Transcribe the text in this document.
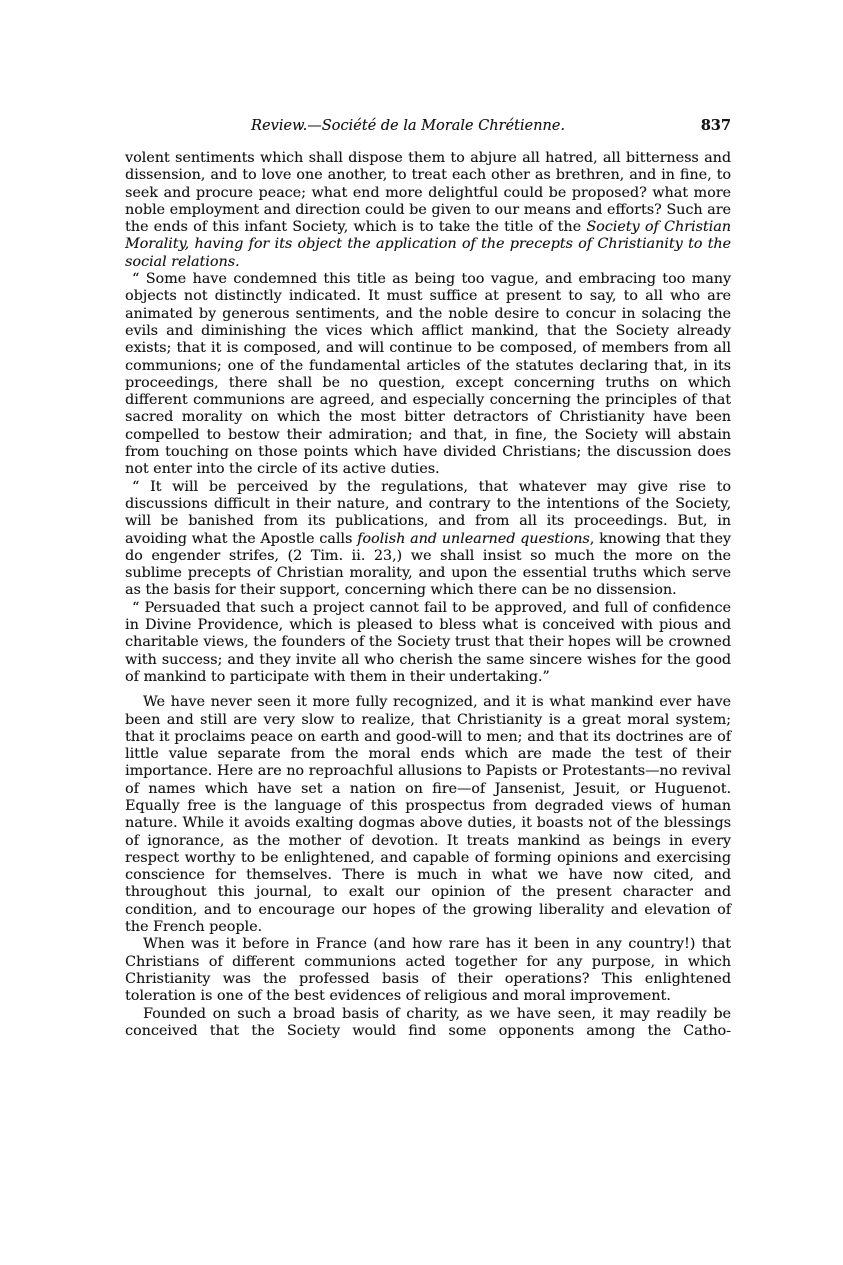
Review.—Société de la Morale Chrétienne.	837

volent sentiments which shall dispose them to abjure all hatred, all bitterness and dissension, and to love one another, to treat each other as brethren, and in fine, to seek and procure peace; what end more delightful could be proposed? what more noble employment and direction could be given to our means and efforts? Such are the ends of this infant Society, which is to take the title of the Society of Christian Morality, having for its object the application of the precepts of Christianity to the social relations.

“ Some have condemned this title as being too vague, and embracing too many objects not distinctly indicated. It must suffice at present to say, to all who are animated by generous sentiments, and the noble desire to concur in solacing the evils and diminishing the vices which afflict mankind, that the Society already exists; that it is composed, and will continue to be composed, of members from all communions; one of the fundamental articles of the statutes declaring that, in its proceedings, there shall be no question, except concerning truths on which different communions are agreed, and especially concerning the principles of that sacred morality on which the most bitter detractors of Christianity have been compelled to bestow their admiration; and that, in fine, the Society will abstain from touching on those points which have divided Christians; the discussion does not enter into the circle of its active duties.

“ It will be perceived by the regulations, that whatever may give rise to discussions difficult in their nature, and contrary to the intentions of the Society, will be banished from its publications, and from all its proceedings. But, in avoiding what the Apostle calls foolish and unlearned questions, knowing that they do engender strifes, (2 Tim. ii. 23,) we shall insist so much the more on the sublime precepts of Christian morality, and upon the essential truths which serve as the basis for their support, concerning which there can be no dissension.

“ Persuaded that such a project cannot fail to be approved, and full of confidence in Divine Providence, which is pleased to bless what is conceived with pious and charitable views, the founders of the Society trust that their hopes will be crowned with success; and they invite all who cherish the same sincere wishes for the good of mankind to participate with them in their undertaking.”

We have never seen it more fully recognized, and it is what mankind ever have been and still are very slow to realize, that Christianity is a great moral system; that it proclaims peace on earth and good-will to men; and that its doctrines are of little value separate from the moral ends which are made the test of their importance. Here are no reproachful allusions to Papists or Protestants—no revival of names which have set a nation on fire—of Jansenist, Jesuit, or Huguenot. Equally free is the language of this prospectus from degraded views of human nature. While it avoids exalting dogmas above duties, it boasts not of the blessings of ignorance, as the mother of devotion. It treats mankind as beings in every respect worthy to be enlightened, and capable of forming opinions and exercising conscience for themselves. There is much in what we have now cited, and throughout this journal, to exalt our opinion of the present character and condition, and to encourage our hopes of the growing liberality and elevation of the French people.

When was it before in France (and how rare has it been in any country!) that Christians of different communions acted together for any purpose, in which Christianity was the professed basis of their operations? This enlightened toleration is one of the best evidences of religious and moral improvement.

Founded on such a broad basis of charity, as we have seen, it may readily be conceived that the Society would find some opponents among the Catho-
